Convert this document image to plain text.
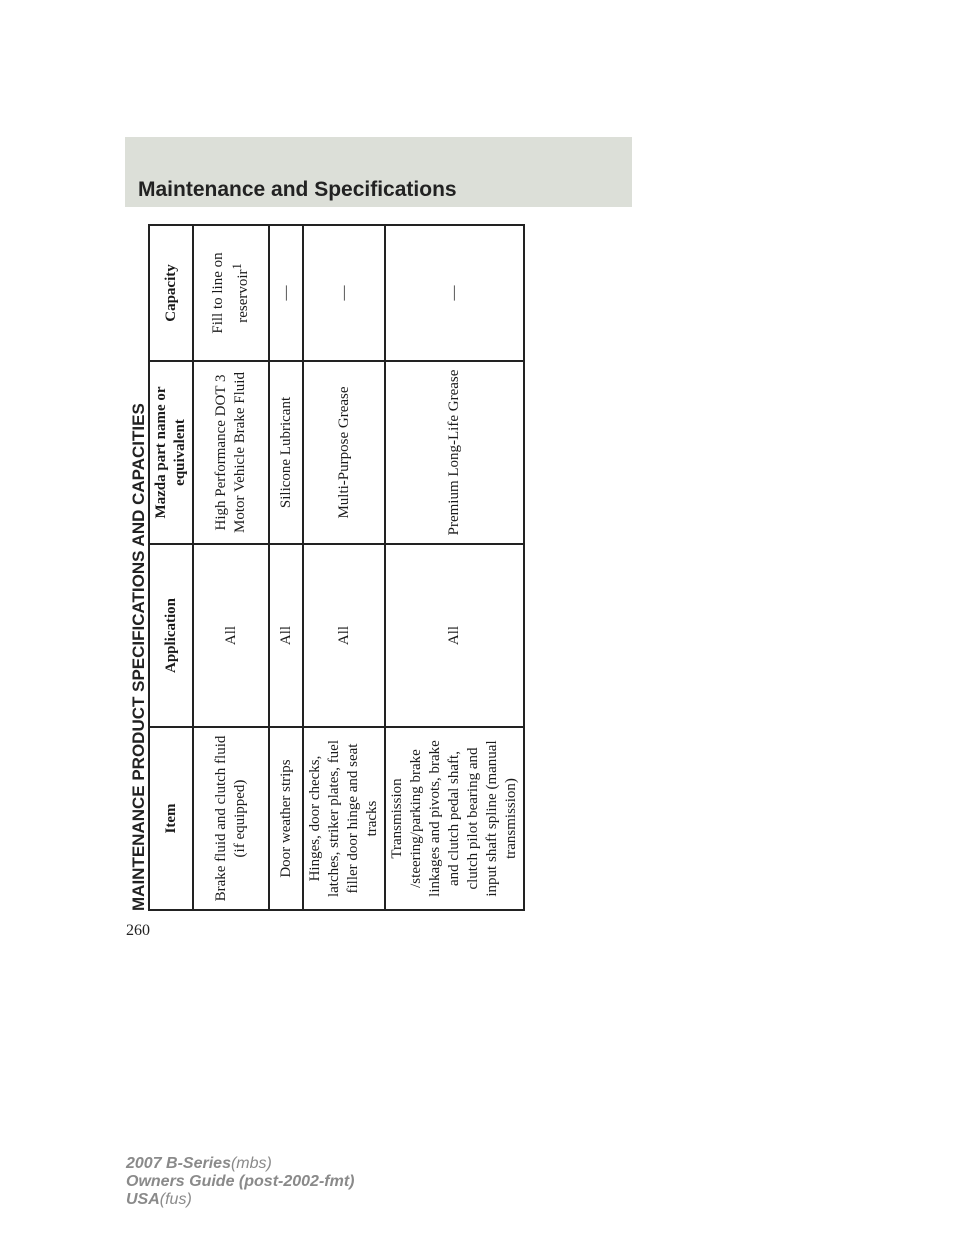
Maintenance and Specifications
MAINTENANCE PRODUCT SPECIFICATIONS AND CAPACITIES Item	Application	Mazda part name or equivalent	Capacity
Brake fluid and clutch fluid (if equipped)	All	High Performance DOT 3 Motor Vehicle Brake Fluid	Fill to line on reservoir$^1$
Door weather strips	All	Silicone Lubricant	—
Hinges, door checks, latches, striker plates, fuel filler door hinge and seat tracks	All	Multi-Purpose Grease	—
Transmission /steering/parking brake linkages and pivots, brake and clutch pedal shaft, clutch pilot bearing and input shaft spline (manual transmission)	All	Premium Long-Life Grease	—
260
2007 B-Series(mbs)
Owners Guide (post-2002-fmt)
USA(fus)
